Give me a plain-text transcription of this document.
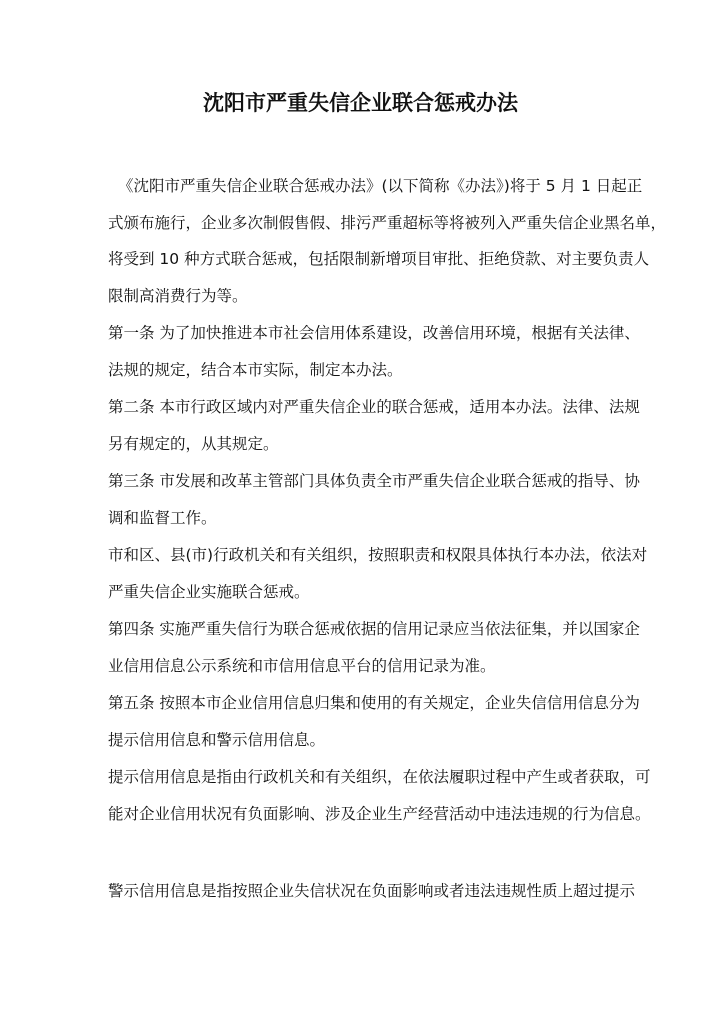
沈阳市严重失信企业联合惩戒办法
《沈阳市严重失信企业联合惩戒办法》(以下简称《办法》)将于 5 月 1 日起正
式颁布施行，企业多次制假售假、排污严重超标等将被列入严重失信企业黑名单，
将受到 10 种方式联合惩戒，包括限制新增项目审批、拒绝贷款、对主要负责人
限制高消费行为等。
第一条 为了加快推进本市社会信用体系建设，改善信用环境，根据有关法律、
法规的规定，结合本市实际，制定本办法。
第二条 本市行政区域内对严重失信企业的联合惩戒，适用本办法。法律、法规
另有规定的，从其规定。
第三条 市发展和改革主管部门具体负责全市严重失信企业联合惩戒的指导、协
调和监督工作。
市和区、县(市)行政机关和有关组织，按照职责和权限具体执行本办法，依法对
严重失信企业实施联合惩戒。
第四条 实施严重失信行为联合惩戒依据的信用记录应当依法征集，并以国家企
业信用信息公示系统和市信用信息平台的信用记录为准。
第五条 按照本市企业信用信息归集和使用的有关规定，企业失信信用信息分为
提示信用信息和警示信用信息。
提示信用信息是指由行政机关和有关组织，在依法履职过程中产生或者获取，可
能对企业信用状况有负面影响、涉及企业生产经营活动中违法违规的行为信息。
警示信用信息是指按照企业失信状况在负面影响或者违法违规性质上超过提示
